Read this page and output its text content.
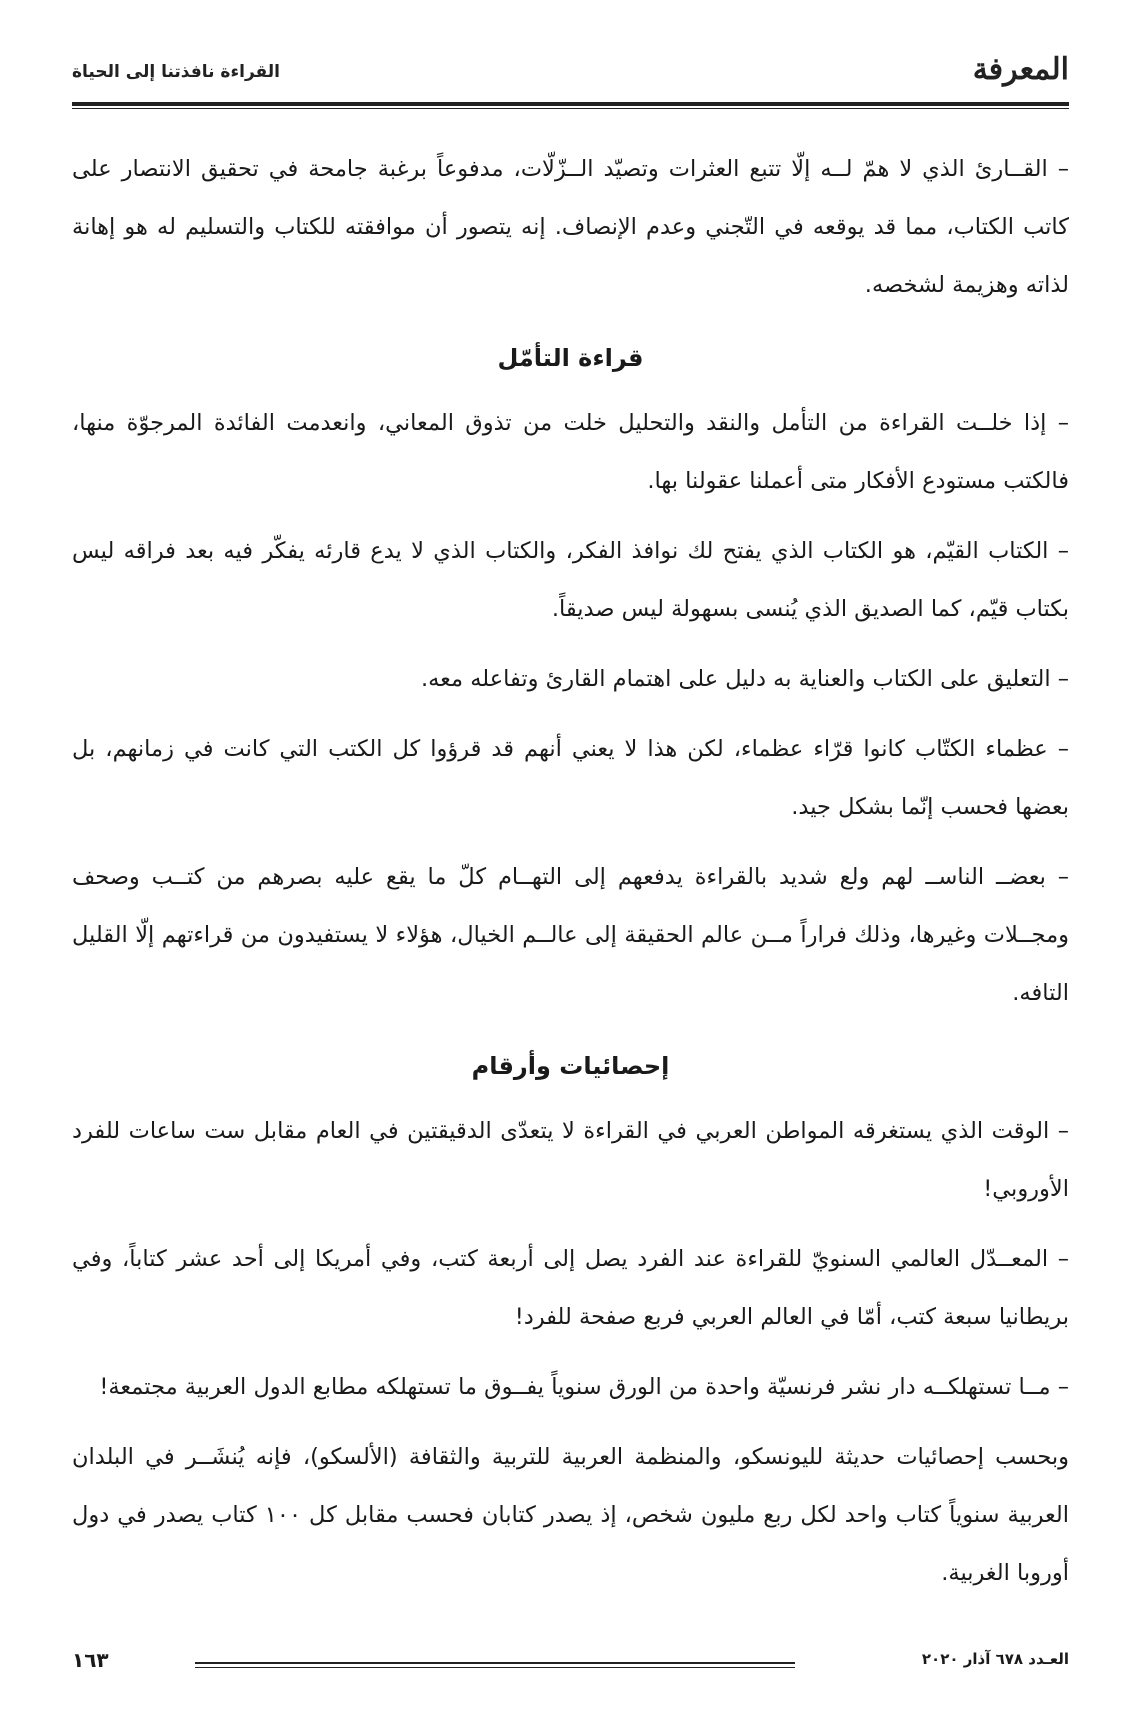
المعرفة
القراءة نافذتنا إلى الحياة

– القــارئ الذي لا همّ لــه إلّا تتبع العثرات وتصيّد الــزّلّات، مدفوعاً برغبة جامحة في تحقيق الانتصار على كاتب الكتاب، مما قد يوقعه في التّجني وعدم الإنصاف. إنه يتصور أن موافقته للكتاب والتسليم له هو إهانة لذاته وهزيمة لشخصه.

قراءة التأمّل

– إذا خلــت القراءة من التأمل والنقد والتحليل خلت من تذوق المعاني، وانعدمت الفائدة المرجوّة منها، فالكتب مستودع الأفكار متى أعملنا عقولنا بها.

– الكتاب القيّم، هو الكتاب الذي يفتح لك نوافذ الفكر، والكتاب الذي لا يدع قارئه يفكّر فيه بعد فراقه ليس بكتاب قيّم، كما الصديق الذي يُنسى بسهولة ليس صديقاً.

– التعليق على الكتاب والعناية به دليل على اهتمام القارئ وتفاعله معه.

– عظماء الكتّاب كانوا قرّاء عظماء، لكن هذا لا يعني أنهم قد قرؤوا كل الكتب التي كانت في زمانهم، بل بعضها فحسب إنّما بشكل جيد.

– بعضــ الناســ لهم ولع شديد بالقراءة يدفعهم إلى التهــام كلّ ما يقع عليه بصرهم من كتــب وصحف ومجــلات وغيرها، وذلك فراراً مــن عالم الحقيقة إلى عالــم الخيال، هؤلاء لا يستفيدون من قراءتهم إلّا القليل التافه.

إحصائيات وأرقام

– الوقت الذي يستغرقه المواطن العربي في القراءة لا يتعدّى الدقيقتين في العام مقابل ست ساعات للفرد الأوروبي!

– المعــدّل العالمي السنويّ للقراءة عند الفرد يصل إلى أربعة كتب، وفي أمريكا إلى أحد عشر كتاباً، وفي بريطانيا سبعة كتب، أمّا في العالم العربي فربع صفحة للفرد!

– مــا تستهلكــه دار نشر فرنسيّة واحدة من الورق سنوياً يفــوق ما تستهلكه مطابع الدول العربية مجتمعة!

وبحسب إحصائيات حديثة لليونسكو، والمنظمة العربية للتربية والثقافة (الألسكو)، فإنه يُنشَــر في البلدان العربية سنوياً كتاب واحد لكل ربع مليون شخص، إذ يصدر كتابان فحسب مقابل كل ١٠٠ كتاب يصدر في دول أوروبا الغربية.

العـدد ٦٧٨ آذار ٢٠٢٠
١٦٣
